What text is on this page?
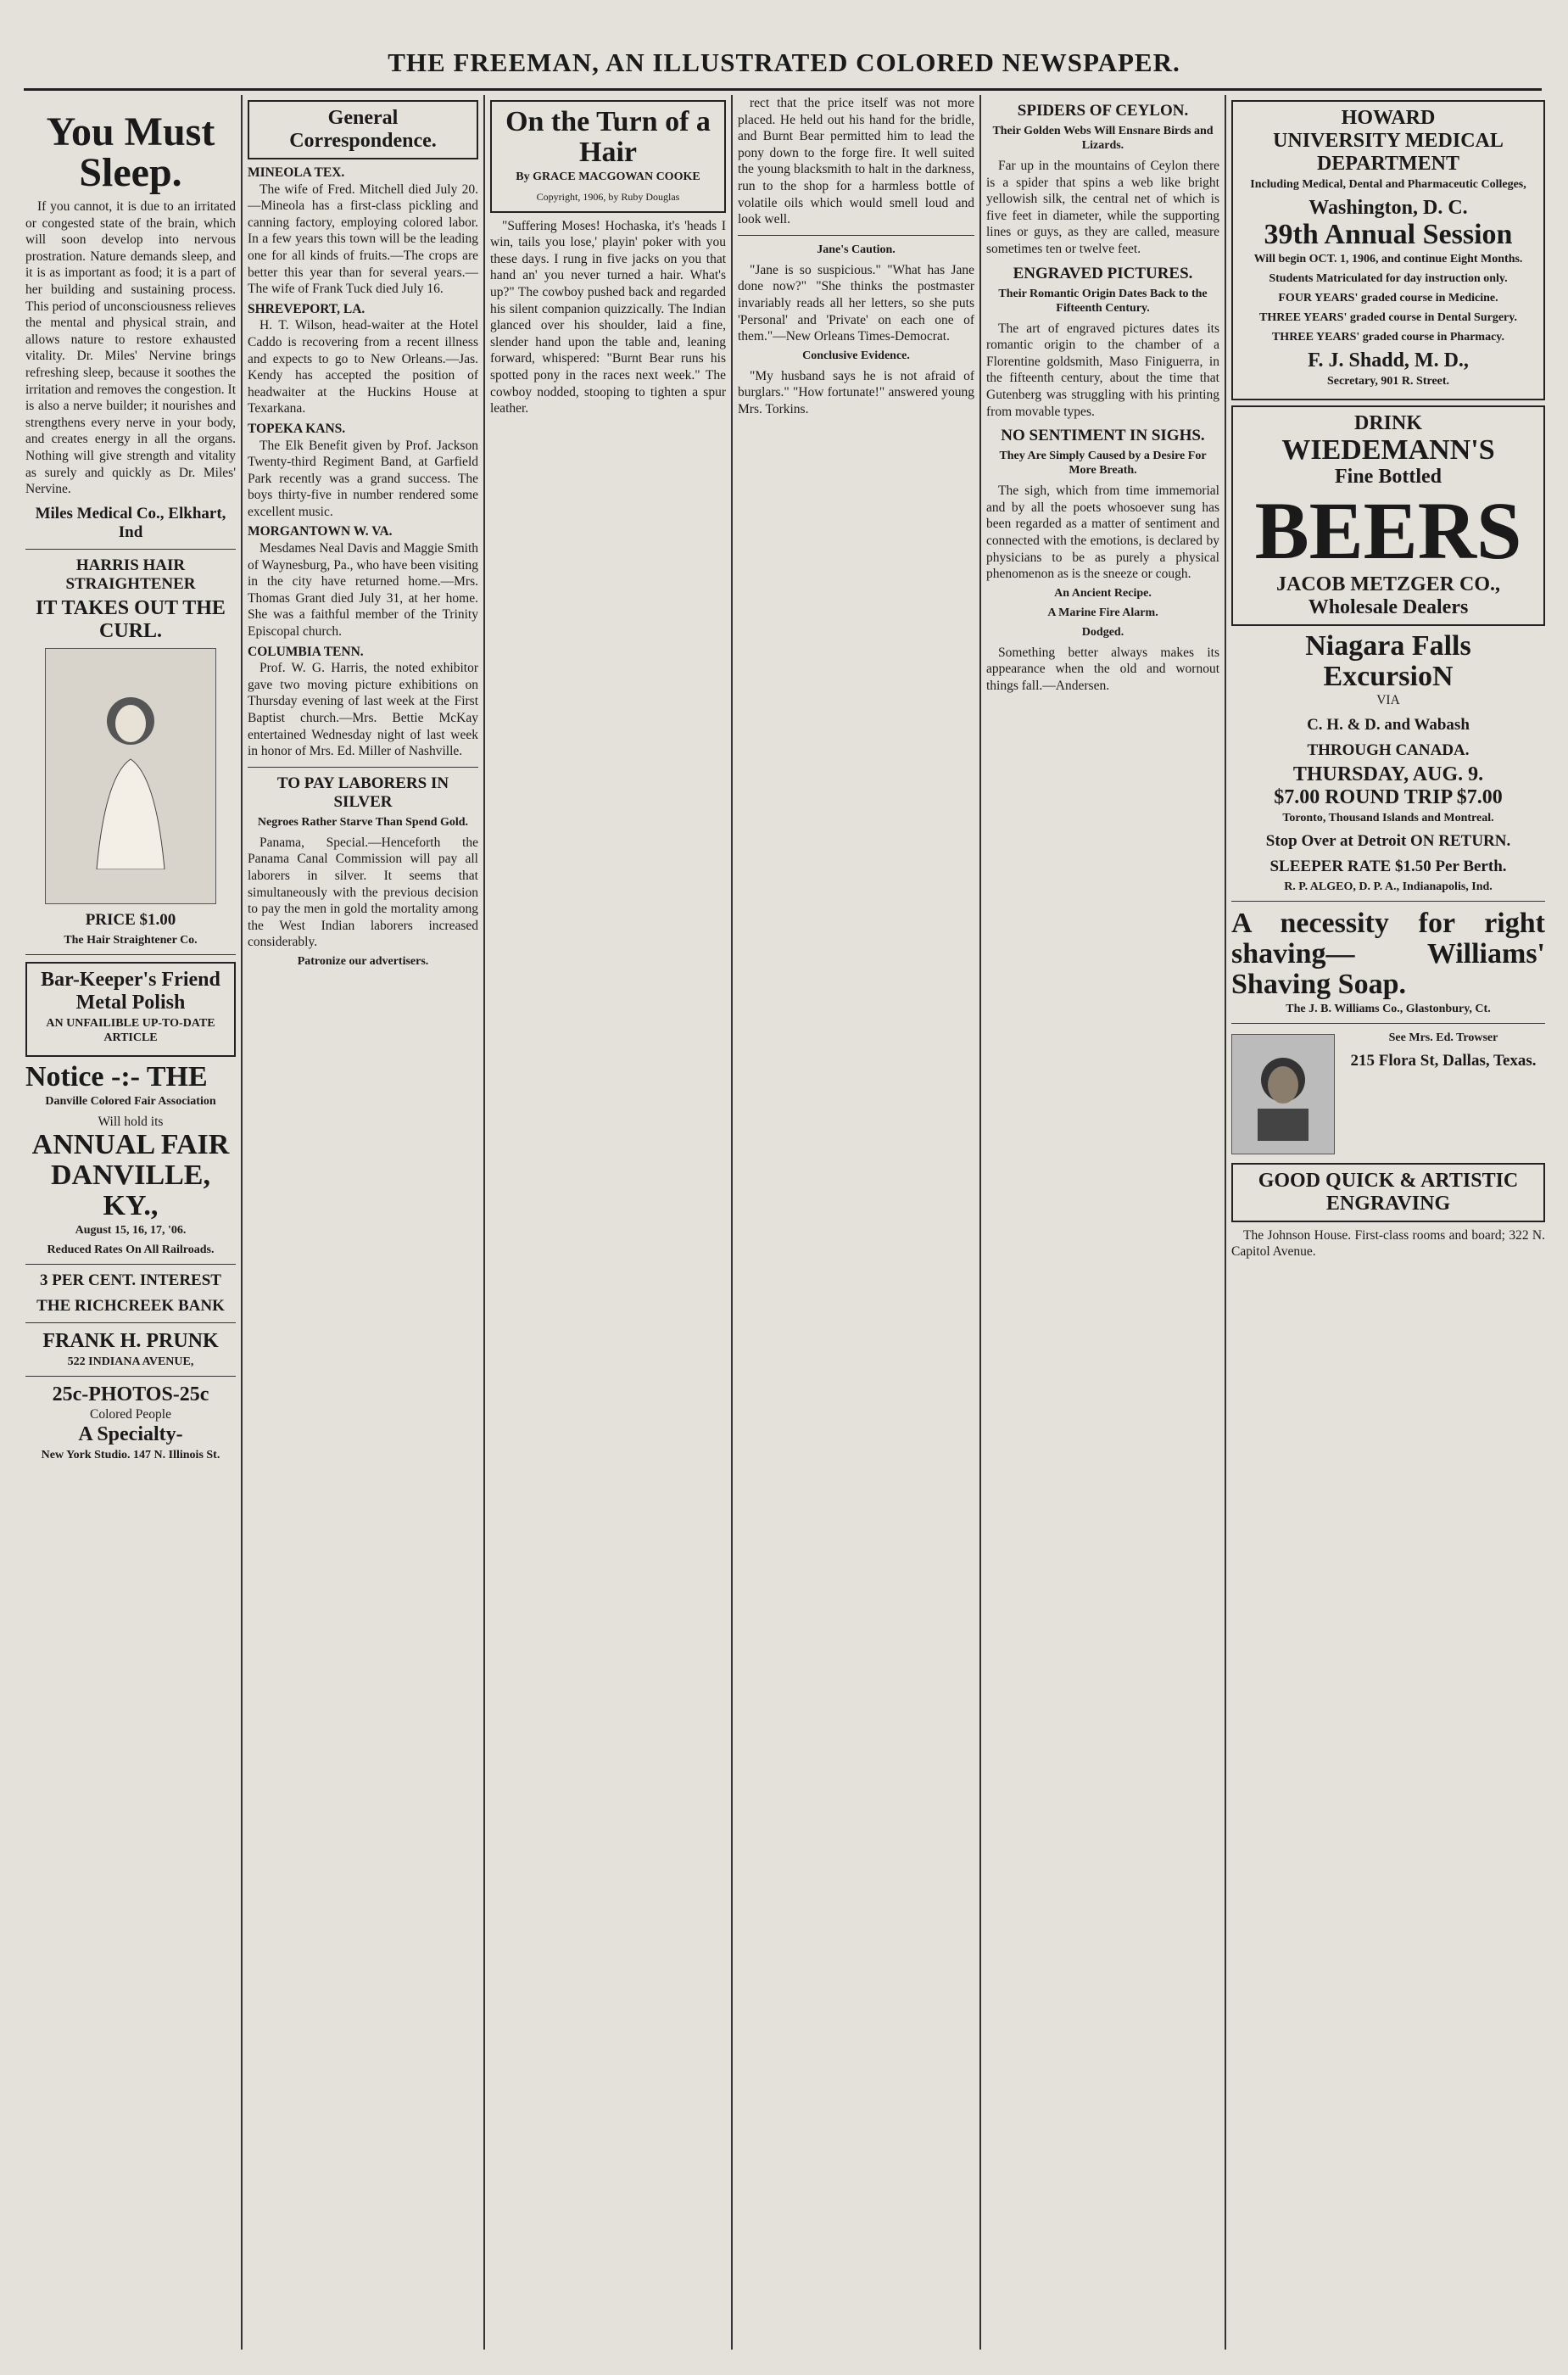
THE FREEMAN, AN ILLUSTRATED COLORED NEWSPAPER.
You Must Sleep.

If you cannot, it is due to an irritated or congested state of the brain, which will soon develop into nervous prostration. Nature demands sleep, and it is as important as food; it is a part of her building and sustaining process. This period of unconsciousness relieves the mental and physical strain, and allows nature to restore exhausted vitality. Dr. Miles' Nervine brings refreshing sleep, because it soothes the irritation and removes the congestion. It is also a nerve builder; it nourishes and strengthens every nerve in your body, and creates energy in all the organs. Nothing will give strength and vitality as surely and quickly as Dr. Miles' Nervine.

Miles Medical Co., Elkhart, Ind
HARRIS HAIR STRAIGHTENER
IT TAKES OUT THE CURL.
PRICE $1.00
The Hair Straightener Co.
Bar-Keeper's Friend Metal Polish
AN UNFAILIBLE UP-TO-DATE ARTICLE
Notice -:- THE
Danville Colored Fair Association
Will hold its
ANNUAL FAIR
DANVILLE, KY.,
August 15, 16, 17, '06.
Reduced Rates On All Railroads.
3 PER CENT. INTEREST
THE RICHCREEK BANK
FRANK H. PRUNK
522 INDIANA AVENUE,
25c-PHOTOS-25c
Colored People
A Specialty-
New York Studio. 147 N. Illinois St.
General Correspondence.
MINEOLA TEX.

The wife of Fred. Mitchell died July 20.—Mineola has a first-class pickling and canning factory, employing colored labor. In a few years this town will be the leading one for all kinds of fruits.—The crops are better this year than for several years.—The wife of Frank Tuck died July 16.

SHREVEPORT, LA.

H. T. Wilson, head-waiter at the Hotel Caddo is recovering from a recent illness and expects to go to New Orleans.—Jas. Kendy has accepted the position of headwaiter at the Huckins House at Texarkana.

TOPEKA KANS.

The Elk Benefit given by Prof. Jackson Twenty-third Regiment Band, at Garfield Park recently was a grand success. The boys thirty-five in number rendered some excellent music.

MORGANTOWN W. VA.

Mesdames Neal Davis and Maggie Smith of Waynesburg, Pa., who have been visiting in the city have returned home.—Mrs. Thomas Grant died July 31, at her home. She was a faithful member of the Trinity Episcopal church.

COLUMBIA TENN.

Prof. W. G. Harris, the noted exhibitor gave two moving picture exhibitions on Thursday evening of last week at the First Baptist church.—Mrs. Bettie McKay entertained Wednesday night of last week in honor of Mrs. Ed. Miller of Nashville.

TO PAY LABORERS IN SILVER
Negroes Rather Starve Than Spend Gold.

Panama, Special.—Henceforth the Panama Canal Commission will pay all laborers in silver. It seems that simultaneously with the previous decision to pay the men in gold the mortality among the West Indian laborers increased considerably.

Patronize our advertisers.
On the Turn of a Hair
By GRACE MACGOWAN COOKE
Copyright, 1906, by Ruby Douglas

"Suffering Moses! Hochaska, it's 'heads I win, tails you lose,' playin' poker with you these days. I rung in five jacks on you that hand an' you never turned a hair. What's up?" The cowboy pushed back and regarded his silent companion quizzically. The Indian glanced over his shoulder, laid a fine, slender hand upon the table and, leaning forward, whispered: "Burnt Bear runs his spotted pony in the races next week." The cowboy nodded, stooping to tighten a spur leather.

rect that the price itself was not more placed. He held out his hand for the bridle, and Burnt Bear permitted him to lead the pony down to the forge fire. It well suited the young blacksmith to halt in the darkness, run to the shop for a harmless bottle of volatile oils which would smell loud and look well.

Jane's Caution.

"Jane is so suspicious." "What has Jane done now?" "She thinks the postmaster invariably reads all her letters, so she puts 'Personal' and 'Private' on each one of them."—New Orleans Times-Democrat.

Conclusive Evidence.

"My husband says he is not afraid of burglars." "How fortunate!" answered young Mrs. Torkins.

SPIDERS OF CEYLON.
Their Golden Webs Will Ensnare Birds and Lizards.

Far up in the mountains of Ceylon there is a spider that spins a web like bright yellowish silk, the central net of which is five feet in diameter, while the supporting lines or guys, as they are called, measure sometimes ten or twelve feet.

ENGRAVED PICTURES.
Their Romantic Origin Dates Back to the Fifteenth Century.

The art of engraved pictures dates its romantic origin to the chamber of a Florentine goldsmith, Maso Finiguerra, in the fifteenth century, about the time that Gutenberg was struggling with his printing from movable types.

NO SENTIMENT IN SIGHS.
They Are Simply Caused by a Desire For More Breath.

The sigh, which from time immemorial and by all the poets whosoever sung has been regarded as a matter of sentiment and connected with the emotions, is declared by physicians to be as purely a physical phenomenon as is the sneeze or cough.

An Ancient Recipe.
A Marine Fire Alarm.
Dodged.

Something better always makes its appearance when the old and wornout things fall.—Andersen.

HOWARD
UNIVERSITY MEDICAL DEPARTMENT
Including Medical, Dental and Pharmaceutic Colleges,
Washington, D. C.
39th Annual Session
Will begin OCT. 1, 1906, and continue Eight Months.
Students Matriculated for day instruction only.
FOUR YEARS' graded course in Medicine.
THREE YEARS' graded course in Dental Surgery.
THREE YEARS' graded course in Pharmacy.
F. J. Shadd, M. D.,
Secretary, 901 R. Street.
DRINK
WIEDEMANN'S
Fine Bottled
BEERS
JACOB METZGER CO.,
Wholesale Dealers
Niagara Falls
ExcursioN
VIA
C. H. & D. and Wabash
THROUGH CANADA.
THURSDAY, AUG. 9.
$7.00 ROUND TRIP $7.00
Toronto, Thousand Islands and Montreal.
Stop Over at Detroit ON RETURN.
SLEEPER RATE $1.50 Per Berth.
R. P. ALGEO, D. P. A., Indianapolis, Ind.
A necessity for right shaving— Williams' Shaving Soap.
The J. B. Williams Co., Glastonbury, Ct.
See Mrs. Ed. Trowser
215 Flora St, Dallas, Texas.
GOOD QUICK & ARTISTIC ENGRAVING

The Johnson House. First-class rooms and board; 322 N. Capitol Avenue.
